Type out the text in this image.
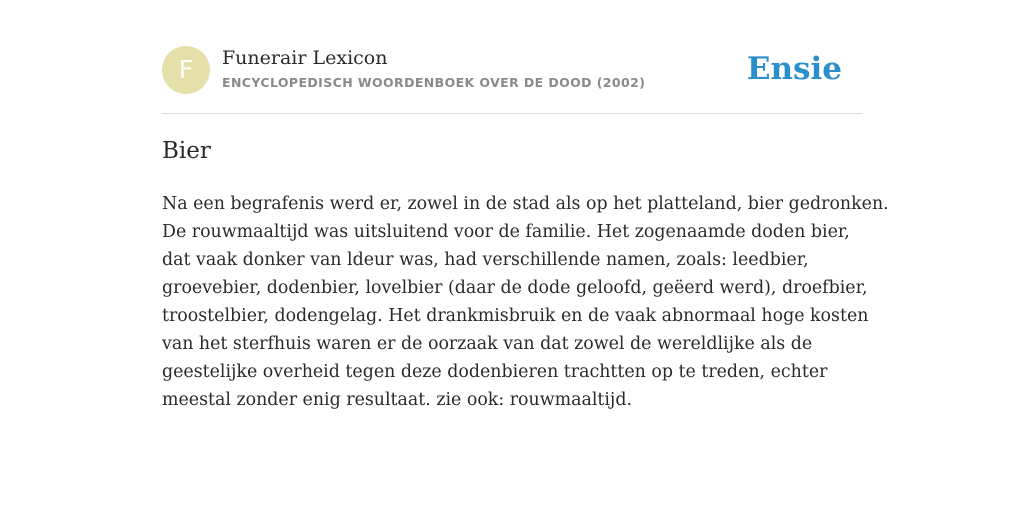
F	Funerair Lexicon
ENCYCLOPEDISCH WOORDENBOEK OVER DE DOOD (2002)	Ensie
Bier

Na een begrafenis werd er, zowel in de stad als op het platteland, bier gedronken.
De rouwmaaltijd was uitsluitend voor de familie. Het zogenaamde doden bier,
dat vaak donker van ldeur was, had verschillende namen, zoals: leedbier,
groevebier, dodenbier, lovelbier (daar de dode geloofd, geëerd werd), droefbier,
troostelbier, dodengelag. Het drankmisbruik en de vaak abnormaal hoge kosten
van het sterfhuis waren er de oorzaak van dat zowel de wereldlijke als de
geestelijke overheid tegen deze dodenbieren trachtten op te treden, echter
meestal zonder enig resultaat. zie ook: rouwmaaltijd.
